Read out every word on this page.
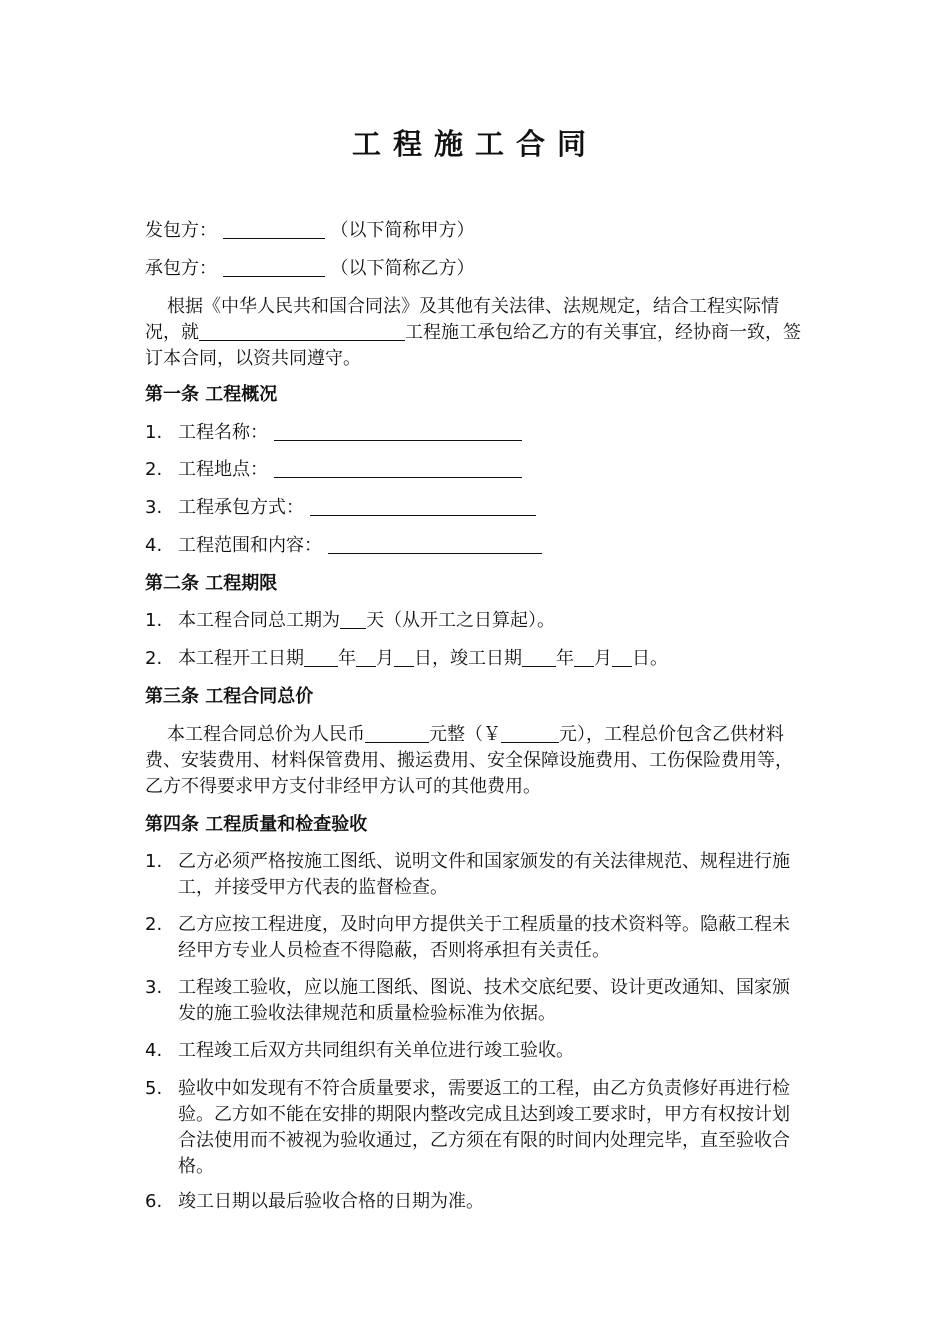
工程施工合同
发包方：	（以下简称甲方）
承包方：	（以下简称乙方）
根据《中华人民共和国合同法》及其他有关法律、法规规定，结合工程实际情况，就	工程施工承包给乙方的有关事宜，经协商一致，签订本合同，以资共同遵守。
第一条 工程概况
1. 工程名称：
2. 工程地点：
3. 工程承包方式：
4. 工程范围和内容：
第二条 工程期限
1. 本工程合同总工期为 天（从开工之日算起）。
2. 本工程开工日期 年 月 日，竣工日期 年 月 日。
第三条 工程合同总价
本工程合同总价为人民币	元整（￥	元），工程总价包含乙供材料费、安装费用、材料保管费用、搬运费用、安全保障设施费用、工伤保险费用等，乙方不得要求甲方支付非经甲方认可的其他费用。
第四条 工程质量和检查验收
1. 乙方必须严格按施工图纸、说明文件和国家颁发的有关法律规范、规程进行施工，并接受甲方代表的监督检查。
2. 乙方应按工程进度，及时向甲方提供关于工程质量的技术资料等。隐蔽工程未经甲方专业人员检查不得隐蔽，否则将承担有关责任。
3. 工程竣工验收，应以施工图纸、图说、技术交底纪要、设计更改通知、国家颁发的施工验收法律规范和质量检验标准为依据。
4. 工程竣工后双方共同组织有关单位进行竣工验收。
5. 验收中如发现有不符合质量要求，需要返工的工程，由乙方负责修好再进行检验。乙方如不能在安排的期限内整改完成且达到竣工要求时，甲方有权按计划合法使用而不被视为验收通过，乙方须在有限的时间内处理完毕，直至验收合格。
6. 竣工日期以最后验收合格的日期为准。
